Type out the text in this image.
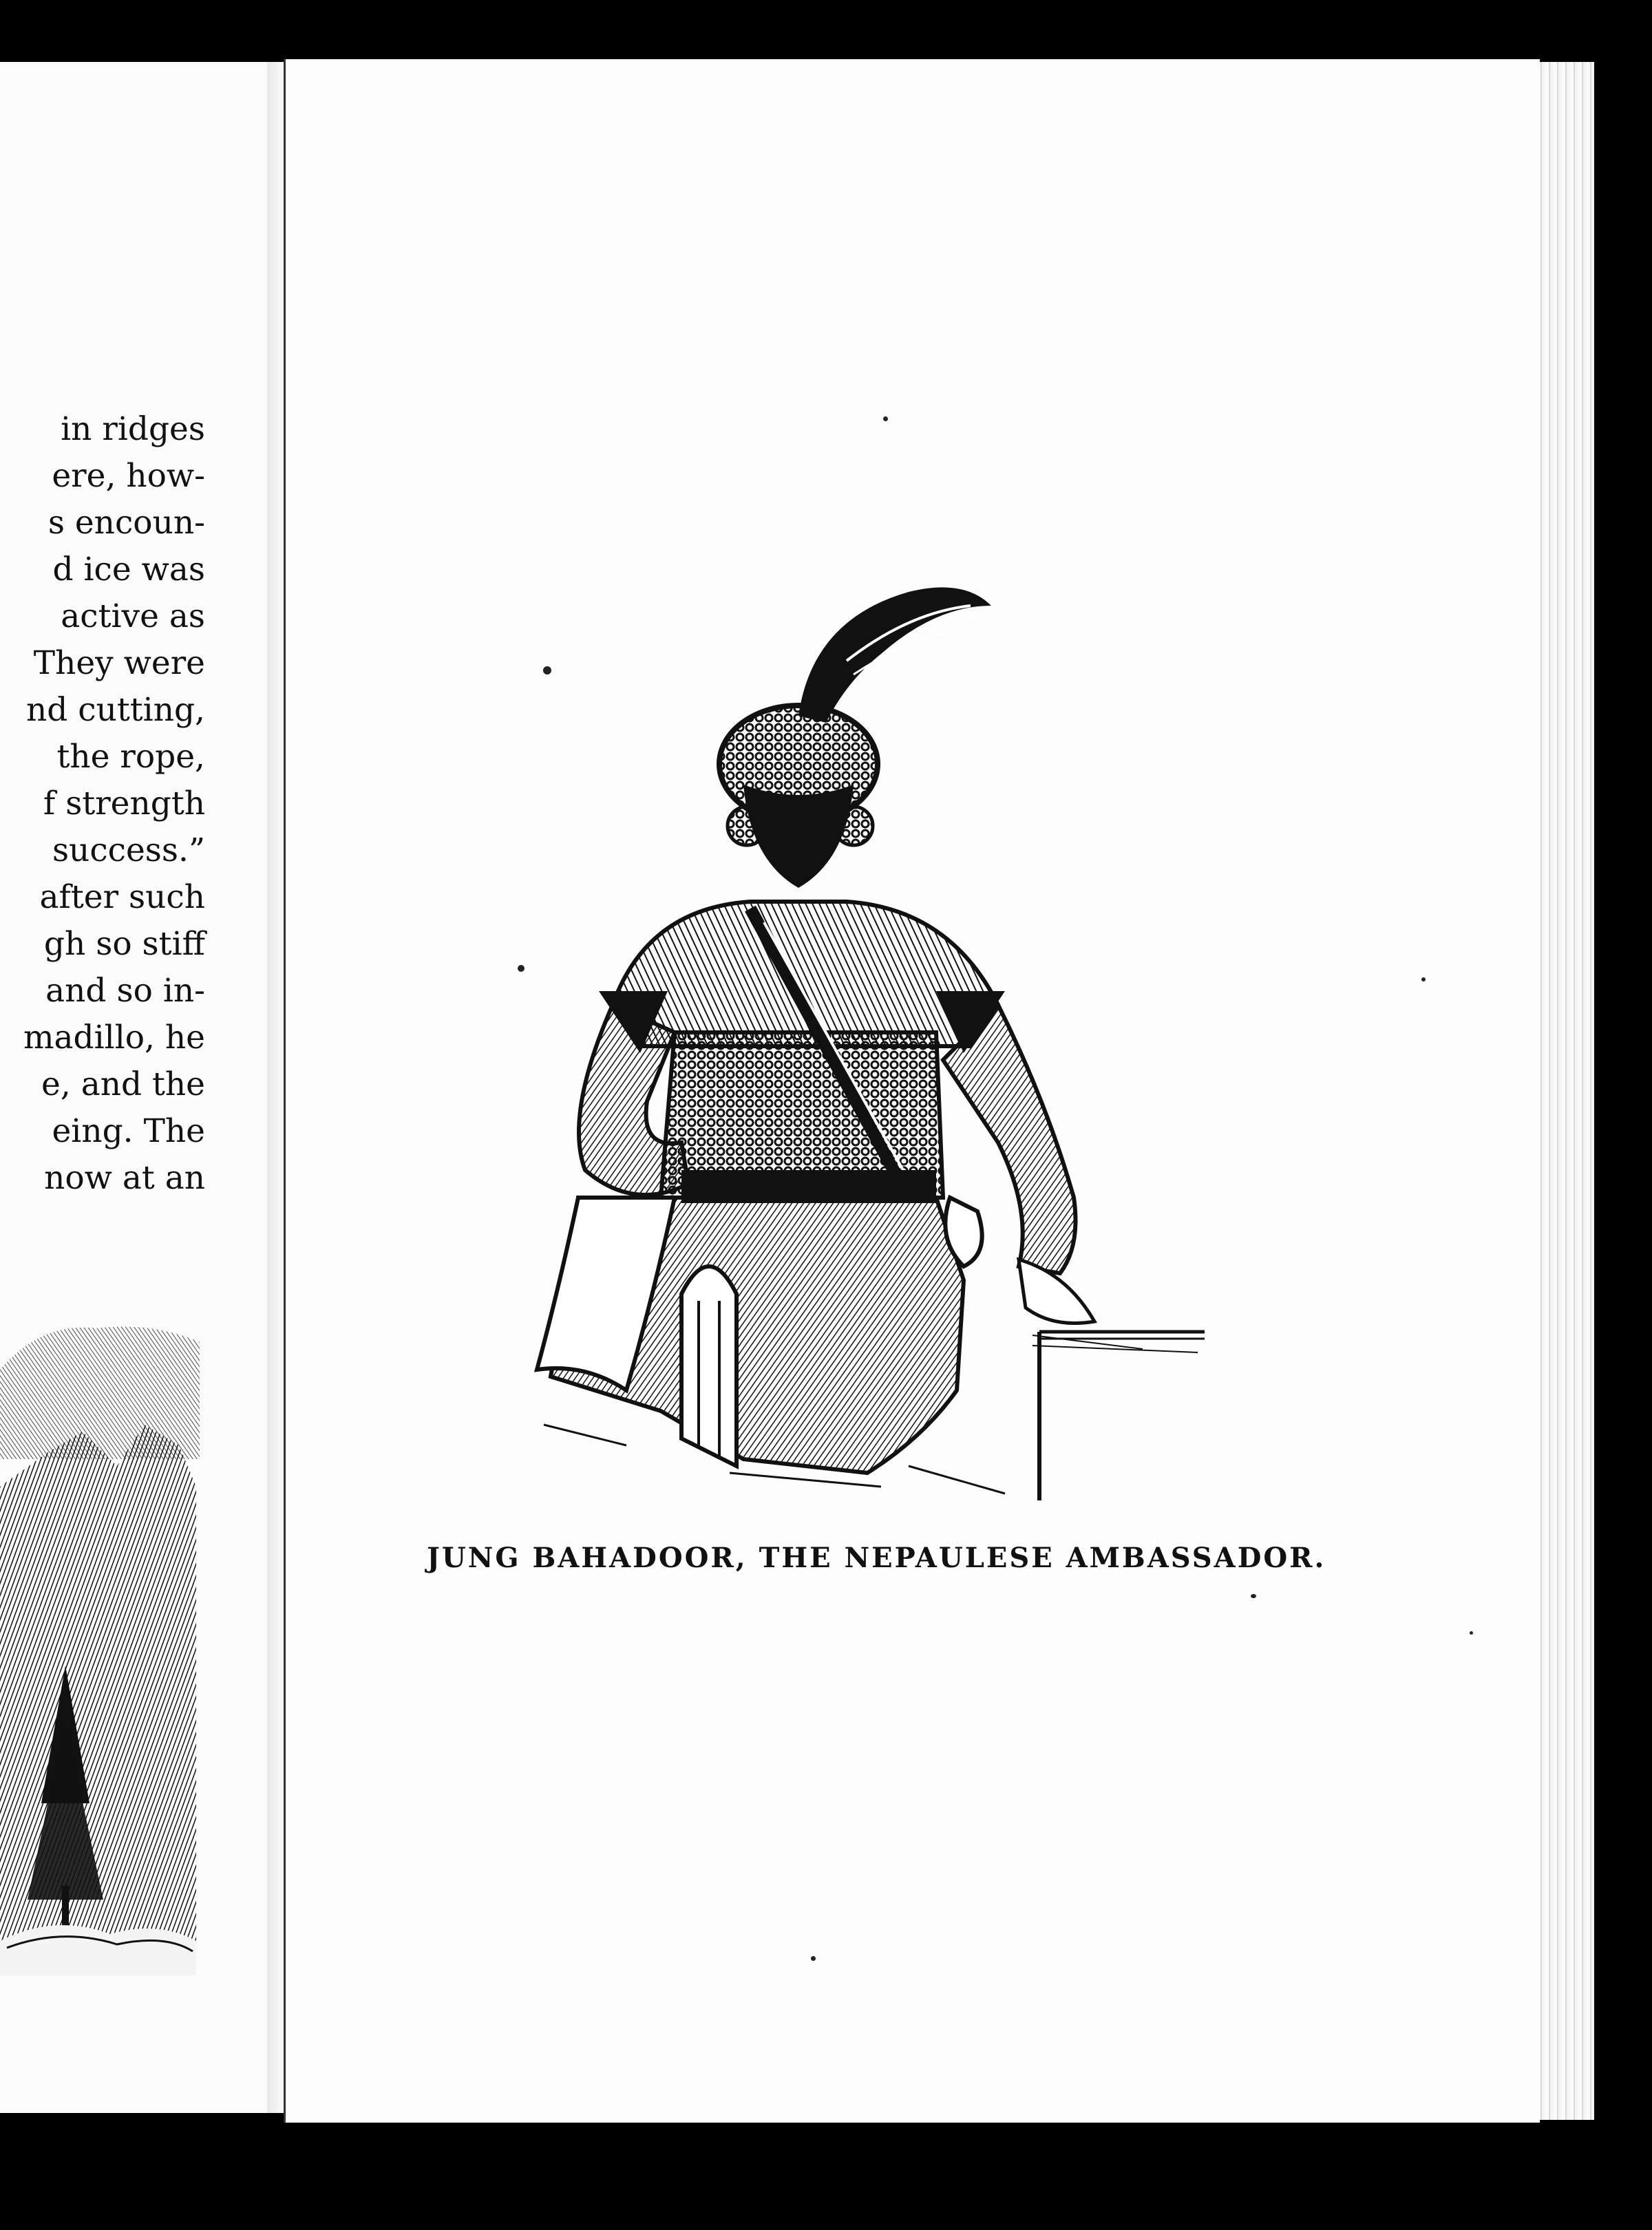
in ridges
ere, how-
s encoun-
d ice was
active as
They were
nd cutting,
the rope,
f strength
success.”
after such
gh so stiff
and so in-
madillo, he
e, and the
eing. The
now at an
JUNG BAHADOOR, THE NEPAULESE AMBASSADOR.
